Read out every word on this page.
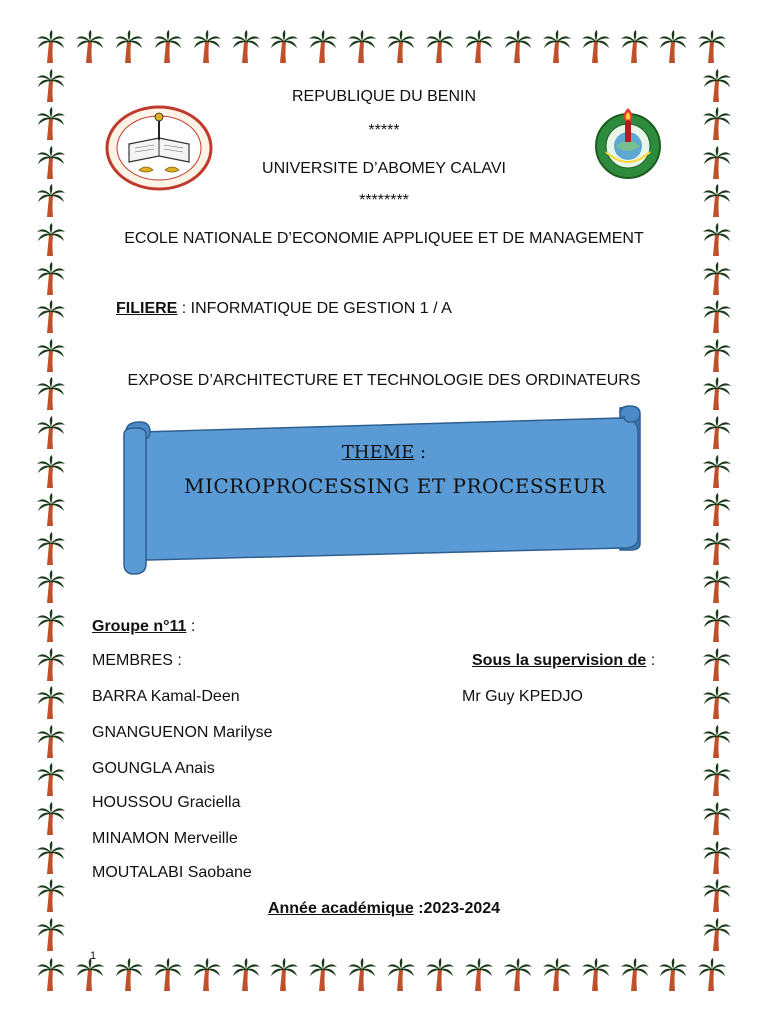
REPUBLIQUE DU BENIN
*****
UNIVERSITE D’ABOMEY CALAVI
********
ECOLE NATIONALE D’ECONOMIE APPLIQUEE ET DE MANAGEMENT
FILIERE : INFORMATIQUE DE GESTION 1 / A
EXPOSE D’ARCHITECTURE ET TECHNOLOGIE DES ORDINATEURS
THEME :
MICROPROCESSING ET PROCESSEUR
Groupe n°11 :
MEMBRES :	Sous la supervision de :
Mr Guy KPEDJO
BARRA Kamal-Deen
GNANGUENON Marilyse
GOUNGLA Anais
HOUSSOU Graciella
MINAMON Merveille
MOUTALABI Saobane
Année académique :2023-2024
1
